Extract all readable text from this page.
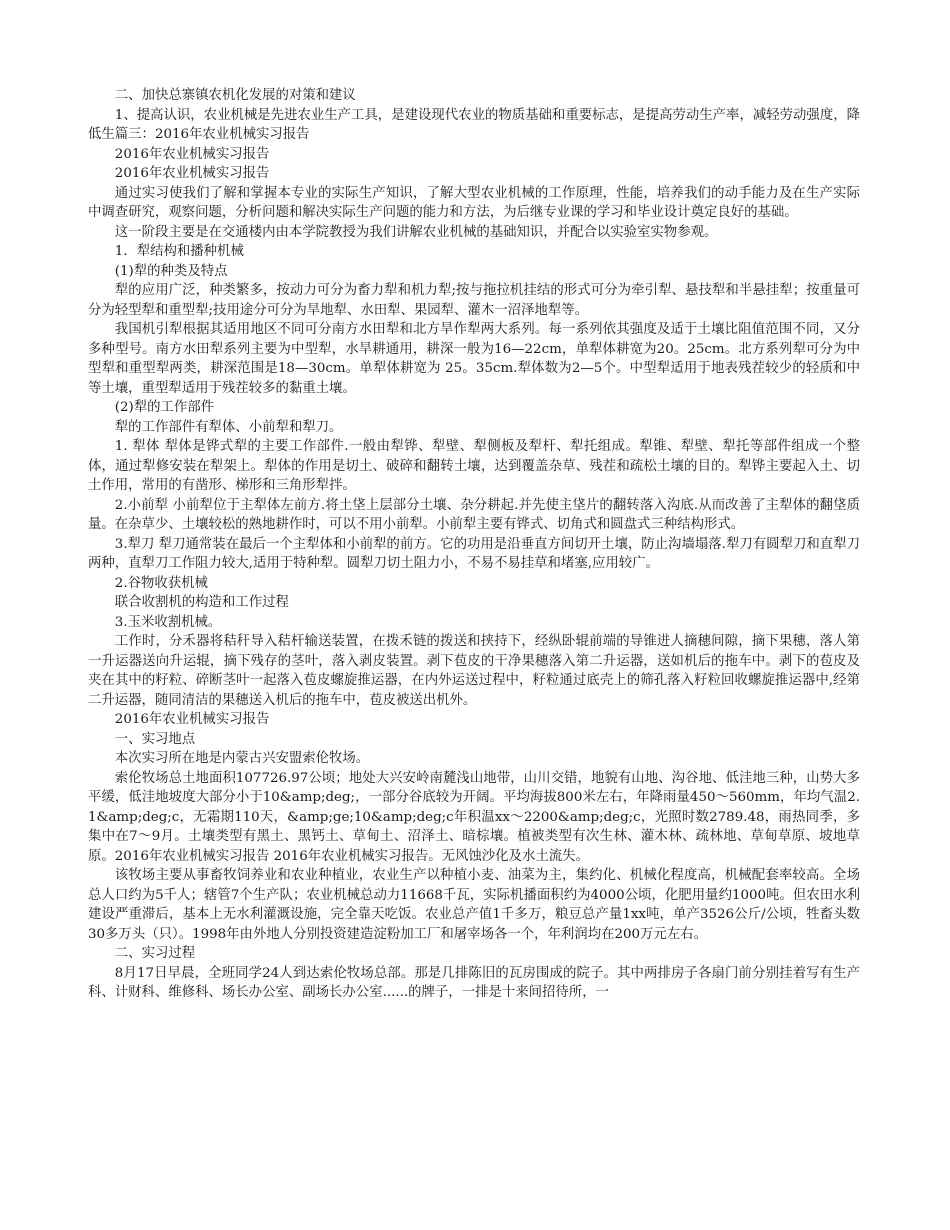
二、加快总寨镇农机化发展的对策和建议

1、提高认识，农业机械是先进农业生产工具，是建设现代农业的物质基础和重要标志，是提高劳动生产率，减轻劳动强度，降低生篇三：2016年农业机械实习报告

2016年农业机械实习报告

2016年农业机械实习报告

通过实习使我们了解和掌握本专业的实际生产知识，了解大型农业机械的工作原理，性能，培养我们的动手能力及在生产实际中调查研究，观察问题，分析问题和解决实际生产问题的能力和方法，为后继专业课的学习和毕业设计奠定良好的基础。

这一阶段主要是在交通楼内由本学院教授为我们讲解农业机械的基础知识，并配合以实验室实物参观。

1．犁结构和播种机械

(1)犁的种类及特点

犁的应用广泛，种类繁多，按动力可分为畜力犁和机力犁;按与拖拉机挂结的形式可分为牵引犁、悬技犁和半悬挂犁；按重量可分为轻型犁和重型犁;技用途分可分为旱地犁、水田犁、果园犁、灌木一沼泽地犁等。

我国机引犁根据其适用地区不同可分南方水田犁和北方旱作犁两大系列。每一系列依其强度及适于土壤比阻值范围不同，又分多种型号。南方水田犁系列主要为中型犁，水旱耕通用，耕深一般为16—22cm，单犁体耕宽为20。25cm。北方系列犁可分为中型犁和重型犁两类，耕深范围是18—30cm。单犁体耕宽为 25。35cm.犁体数为2—5个。中型犁适用于地表残茬较少的轻质和中等土壤，重型犁适用于残茬较多的黏重土壤。

(2)犁的工作部件

犁的工作部件有犁体、小前犁和犁刀。

1. 犁体 犁体是铧式犁的主要工作部件.一般由犁铧、犁壁、犁侧板及犁杆、犁托组成。犁锥、犁壁、犁托等部件组成一个整体，通过犁修安装在犁架上。犁体的作用是切土、破碎和翻转土壤，达到覆盖杂草、残茬和疏松土壤的目的。犁铧主要起入土、切土作用，常用的有凿形、梯形和三角形犁拌。

2.小前犁 小前犁位于主犁体左前方.将土垡上层部分土壤、杂分耕起.并先使主垡片的翻转落入沟底.从而改善了主犁体的翻垡质量。在杂草少、土壤较松的熟地耕作时，可以不用小前犁。小前犁主要有铧式、切角式和圆盘式三种结构形式。

3.犁刀 犁刀通常装在最后一个主犁体和小前犁的前方。它的功用是沿垂直方间切开土壤，防止沟墙塌落.犁刀有圆犁刀和直犁刀两种，直犁刀工作阻力较大,适用于特种犁。圆犁刀切土阻力小，不易不易挂草和堵塞,应用较广。

2.谷物收获机械

联合收割机的构造和工作过程

3.玉米收割机械。

工作时，分禾器将秸秆导入秸杆输送装置，在拨禾链的拨送和挟持下，经纵卧辊前端的导锥进人摘穗间隙，摘下果穗，落人第一升运器送向升运辊，摘下残存的茎叶，落入剥皮装置。剥下苞皮的干净果穗落入第二升运器，送如机后的拖车中。剥下的苞皮及夹在其中的籽粒、碎断茎叶一起落入苞皮螺旋推运器，在内外运送过程中，籽粒通过底壳上的筛孔落入籽粒回收螺旋推运器中,经第二升运器，随同清洁的果穗送入机后的拖车中，苞皮被送出机外。

2016年农业机械实习报告

一、实习地点

本次实习所在地是内蒙古兴安盟索伦牧场。

索伦牧场总土地面积107726.97公顷；地处大兴安岭南麓浅山地带，山川交错，地貌有山地、沟谷地、低洼地三种，山势大多平缓，低洼地坡度大部分小于10&amp;deg;，一部分谷底较为开阔。平均海拔800米左右，年降雨量450～560mm，年均气温2.1&amp;deg;c，无霜期110天，&amp;ge;10&amp;deg;c年积温xx～2200&amp;deg;c，光照时数2789.48，雨热同季，多集中在7～9月。土壤类型有黑土、黑钙土、草甸土、沼泽土、暗棕壤。植被类型有次生林、灌木林、疏林地、草甸草原、坡地草原。2016年农业机械实习报告 2016年农业机械实习报告。无风蚀沙化及水土流失。

该牧场主要从事畜牧饲养业和农业种植业，农业生产以种植小麦、油菜为主，集约化、机械化程度高，机械配套率较高。全场总人口约为5千人；辖管7个生产队；农业机械总动力11668千瓦，实际机播面积约为4000公顷，化肥用量约1000吨。但农田水利建设严重滞后，基本上无水利灌溉设施，完全靠天吃饭。农业总产值1千多万，粮豆总产量1xx吨，单产3526公斤/公顷，牲畜头数30多万头（只）。1998年由外地人分别投资建造淀粉加工厂和屠宰场各一个，年利润均在200万元左右。

二、实习过程

8月17日早晨，全班同学24人到达索伦牧场总部。那是几排陈旧的瓦房围成的院子。其中两排房子各扇门前分别挂着写有生产科、计财科、维修科、场长办公室、副场长办公室......的牌子，一排是十来间招待所，一
